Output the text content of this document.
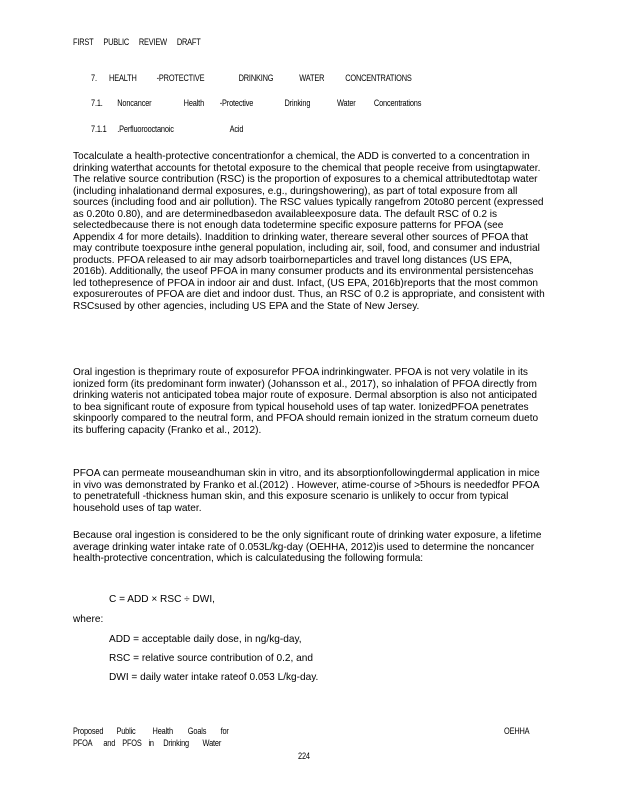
FIRST PUBLIC REVIEW DRAFT
7. HEALTH -PROTECTIVE	DRINKING	WATER CONCENTRATIONS
7.1. Noncancer	Health -Protective	Drinking	Water Concentrations
7.1.1 .Perfluorooctanoic	Acid

Tocalculate a health-protective concentrationfor a chemical, the ADD is converted to a concentration in drinking waterthat accounts for thetotal exposure to the chemical that people receive from usingtapwater. The relative source contribution (RSC) is the proportion of exposures to a chemical attributedtotap water (including inhalationand dermal exposures, e.g., duringshowering), as part of total exposure from all sources (including food and air pollution). The RSC values typically rangefrom 20to80 percent (expressed as 0.20to 0.80), and are determinedbasedon availableexposure data. The default RSC of 0.2 is selectedbecause there is not enough data todetermine specific exposure patterns for PFOA (see Appendix 4 for more details). Inaddition to drinking water, thereare several other sources of PFOA that may contribute toexposure inthe general population, including air, soil, food, and consumer and industrial products. PFOA released to air may adsorb toairborneparticles and travel long distances (US EPA, 2016b). Additionally, the useof PFOA in many consumer products and its environmental persistencehas led tothepresence of PFOA in indoor air and dust. Infact, (US EPA, 2016b)reports that the most common exposureroutes of PFOA are diet and indoor dust. Thus, an RSC of 0.2 is appropriate, and consistent with RSCsused by other agencies, including US EPA and the State of New Jersey.

Oral ingestion is theprimary route of exposurefor PFOA indrinkingwater. PFOA is not very volatile in its ionized form (its predominant form inwater) (Johansson et al., 2017), so inhalation of PFOA directly from drinking wateris not anticipated tobea major route of exposure. Dermal absorption is also not anticipated to bea significant route of exposure from typical household uses of tap water. IonizedPFOA penetrates skinpoorly compared to the neutral form, and PFOA should remain ionized in the stratum corneum dueto its buffering capacity (Franko et al., 2012).

PFOA can permeate mouseandhuman skin in vitro, and its absorptionfollowingdermal application in mice in vivo was demonstrated by Franko et al.(2012) . However, atime-course of >5hours is neededfor PFOA to penetratefull -thickness human skin, and this exposure scenario is unlikely to occur from typical household uses of tap water.

Because oral ingestion is considered to be the only significant route of drinking water exposure, a lifetime average drinking water intake rate of 0.053L/kg-day (OEHHA, 2012)is used to determine the noncancer health-protective concentration, which is calculatedusing the following formula:

C = ADD × RSC ÷ DWI,
where:
ADD = acceptable daily dose, in ng/kg-day,
RSC = relative source contribution of 0.2, and
DWI = daily water intake rateof 0.053 L/kg-day.
Proposed Public Health Goals for
PFOA and PFOS in Drinking Water
OEHHA
224
